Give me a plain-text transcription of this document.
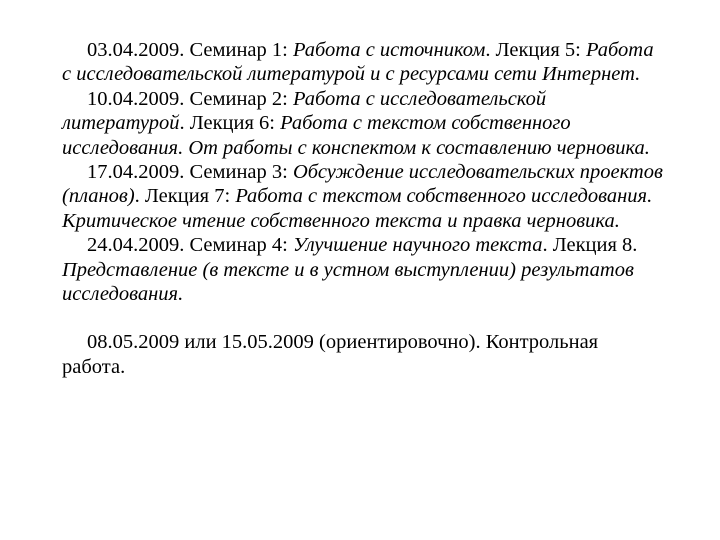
03.04.2009. Семинар 1: Работа с источником. Лекция 5: Работа с исследовательской литературой и с ресурсами сети Интернет.

10.04.2009. Семинар 2: Работа с исследовательской литературой. Лекция 6: Работа с текстом собственного исследования. От работы с конспектом к составлению черновика.

17.04.2009. Семинар 3: Обсуждение исследовательских проектов (планов). Лекция 7: Работа с текстом собственного исследования. Критическое чтение собственного текста и правка черновика.

24.04.2009. Семинар 4: Улучшение научного текста. Лекция 8. Представление (в тексте и в устном выступлении) результатов исследования.

08.05.2009 или 15.05.2009 (ориентировочно). Контрольная работа.
